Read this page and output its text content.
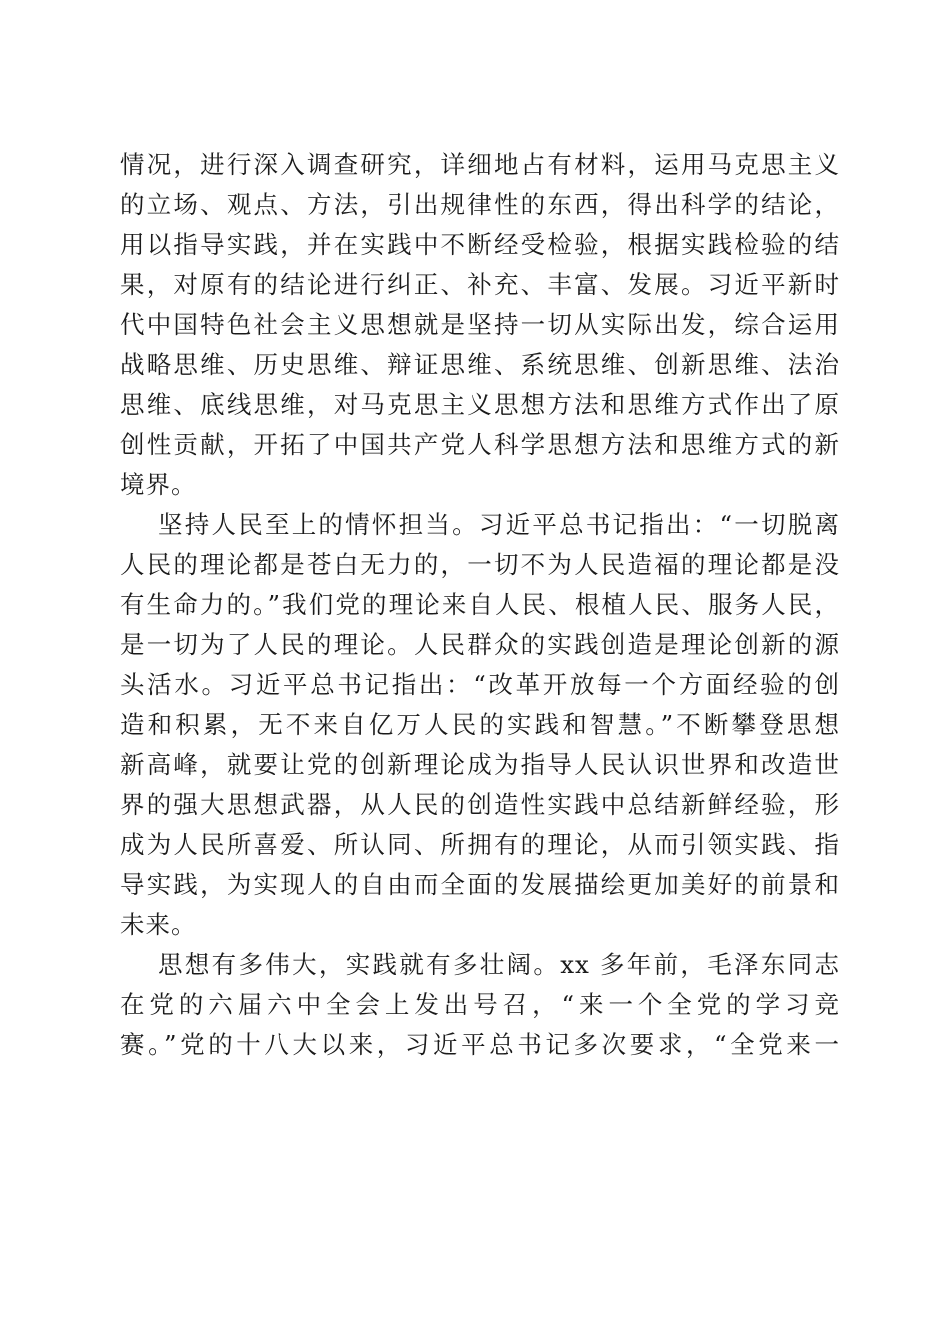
情况，进行深入调查研究，详细地占有材料，运用马克思主义
的立场、观点、方法，引出规律性的东西，得出科学的结论，
用以指导实践，并在实践中不断经受检验，根据实践检验的结
果，对原有的结论进行纠正、补充、丰富、发展。习近平新时
代中国特色社会主义思想就是坚持一切从实际出发，综合运用
战略思维、历史思维、辩证思维、系统思维、创新思维、法治
思维、底线思维，对马克思主义思想方法和思维方式作出了原
创性贡献，开拓了中国共产党人科学思想方法和思维方式的新
境界。
坚持人民至上的情怀担当。习近平总书记指出：“一切脱离
人民的理论都是苍白无力的，一切不为人民造福的理论都是没
有生命力的。”我们党的理论来自人民、根植人民、服务人民，
是一切为了人民的理论。人民群众的实践创造是理论创新的源
头活水。习近平总书记指出：“改革开放每一个方面经验的创
造和积累，无不来自亿万人民的实践和智慧。”不断攀登思想
新高峰，就要让党的创新理论成为指导人民认识世界和改造世
界的强大思想武器，从人民的创造性实践中总结新鲜经验，形
成为人民所喜爱、所认同、所拥有的理论，从而引领实践、指
导实践，为实现人的自由而全面的发展描绘更加美好的前景和
未来。
思想有多伟大，实践就有多壮阔。xx 多年前，毛泽东同志
在党的六届六中全会上发出号召，“来一个全党的学习竞
赛。”党的十八大以来，习近平总书记多次要求，“全党来一
